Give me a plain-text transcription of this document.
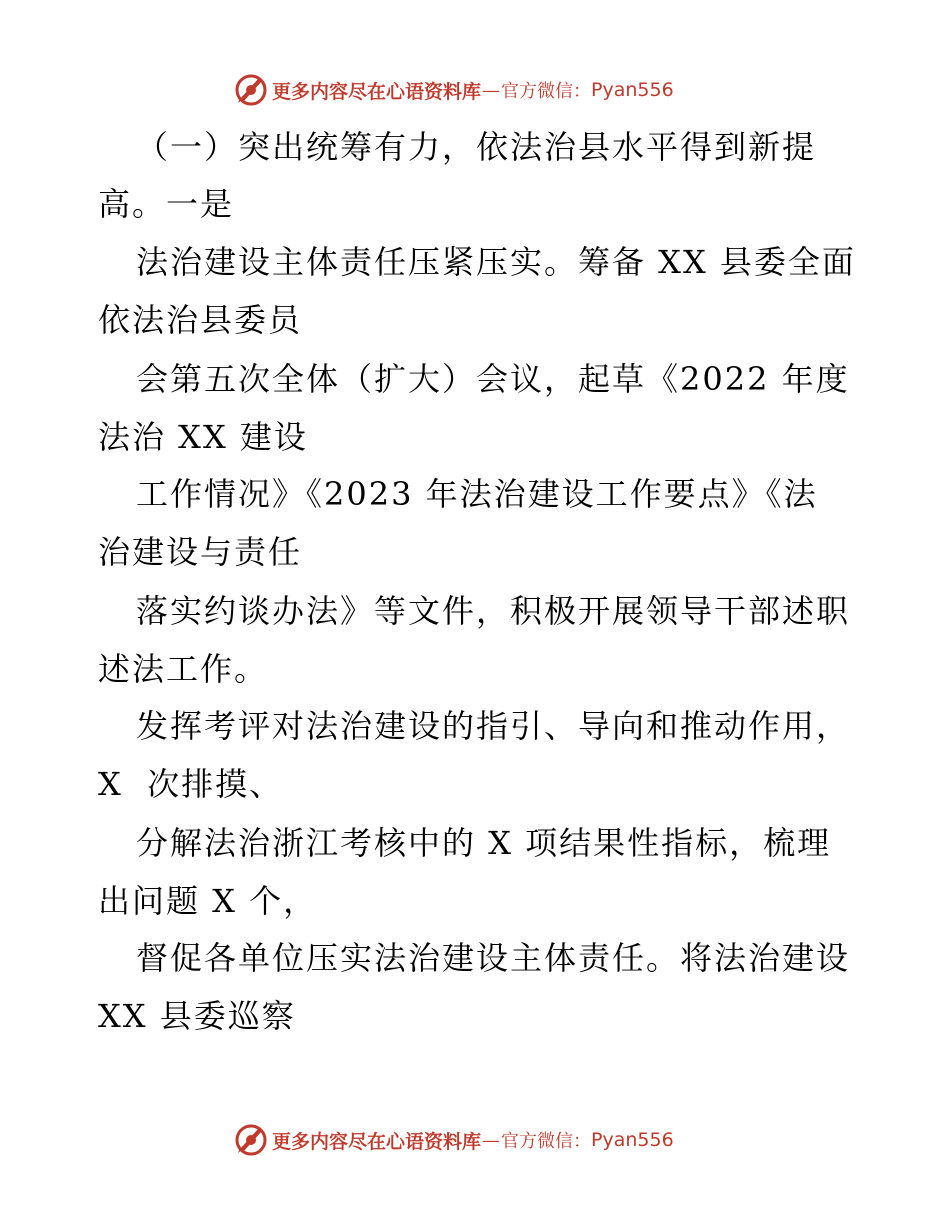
更多内容尽在心语资料库 — 官方微信： Pyan556

（一）突出统筹有力，依法治县水平得到新提

高。一是

法治建设主体责任压紧压实。筹备 XX 县委全面

依法治县委员

会第五次全体（扩大）会议，起草《2022 年度

法治 XX 建设

工作情况》《2023 年法治建设工作要点》《法

治建设与责任

落实约谈办法》等文件，积极开展领导干部述职

述法工作。

发挥考评对法治建设的指引、导向和推动作用，

X  次排摸、

分解法治浙江考核中的 X 项结果性指标，梳理

出问题 X 个，

督促各单位压实法治建设主体责任。将法治建设

XX 县委巡察

更多内容尽在心语资料库 — 官方微信： Pyan556
